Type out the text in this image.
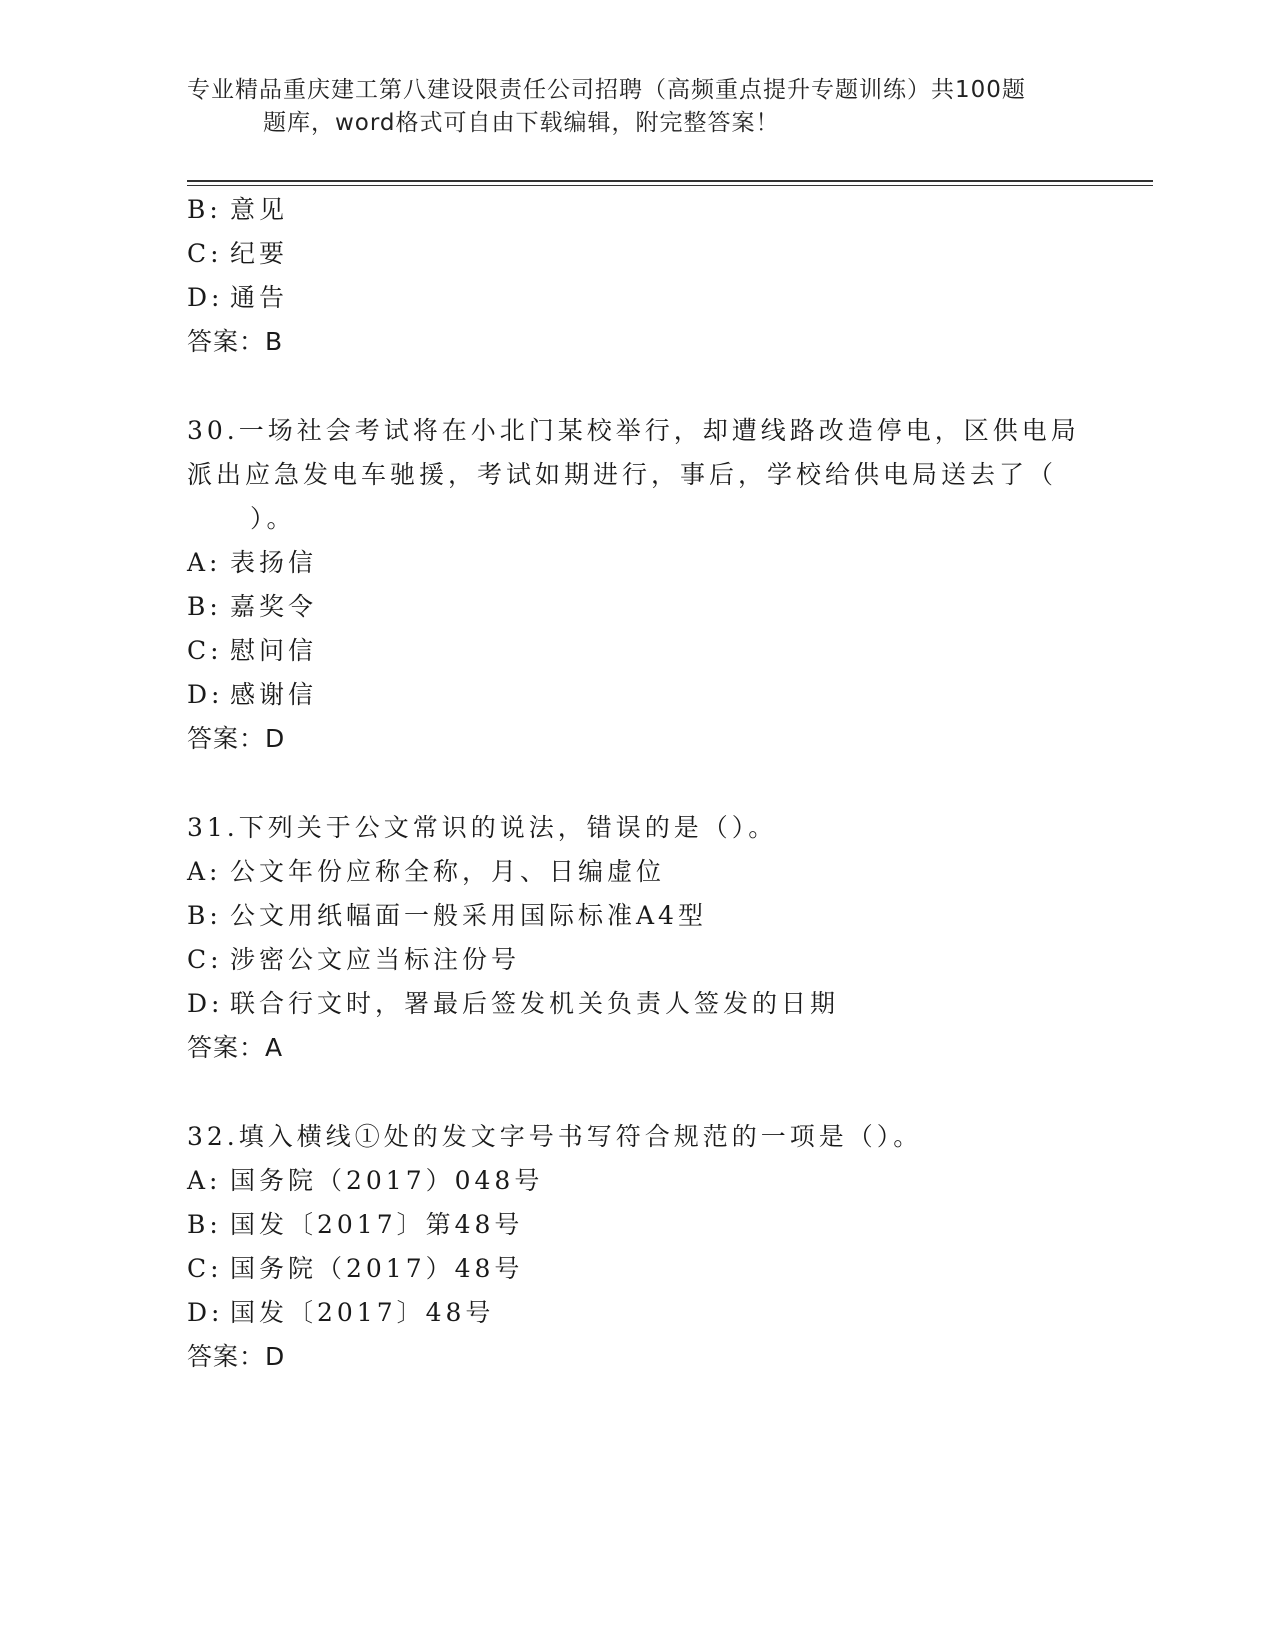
专业精品重庆建工第八建设限责任公司招聘（高频重点提升专题训练）共100题
题库，word格式可自由下载编辑，附完整答案！
B: 意见
C: 纪要
D: 通告
答案：B
30.一场社会考试将在小北门某校举行，却遭线路改造停电，区供电局
派出应急发电车驰援，考试如期进行，事后，学校给供电局送去了（
）。
A: 表扬信
B: 嘉奖令
C: 慰问信
D: 感谢信
答案：D
31.下列关于公文常识的说法，错误的是（）。
A: 公文年份应称全称，月、日编虚位
B: 公文用纸幅面一般采用国际标准A4型
C: 涉密公文应当标注份号
D: 联合行文时，署最后签发机关负责人签发的日期
答案：A
32.填入横线①处的发文字号书写符合规范的一项是（）。
A: 国务院（2017）048号
B: 国发〔2017〕第48号
C: 国务院（2017）48号
D: 国发〔2017〕48号
答案：D
